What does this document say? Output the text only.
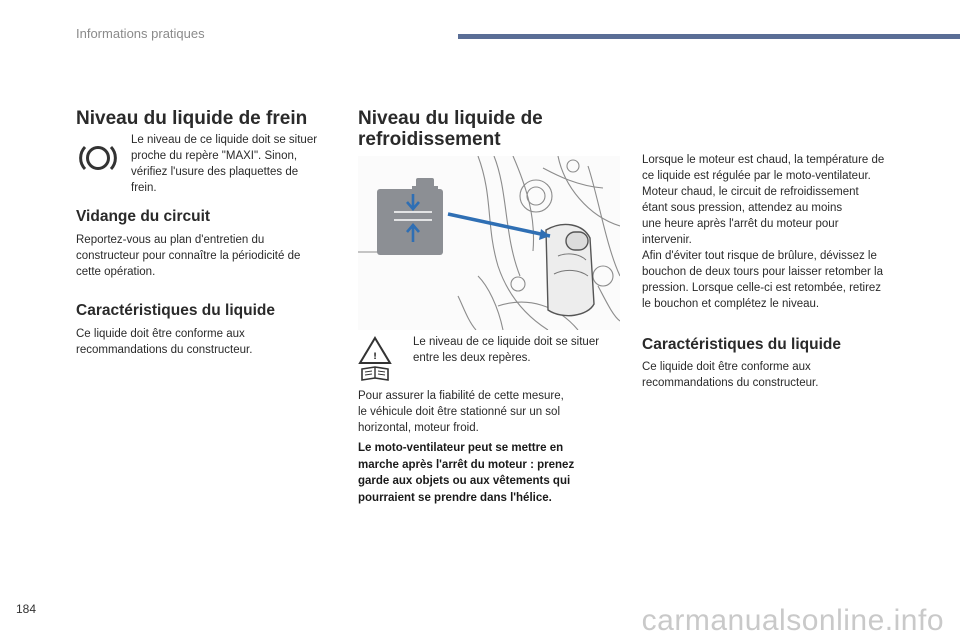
Informations pratiques
Niveau du liquide de frein

Le niveau de ce liquide doit se situer
proche du repère "MAXI". Sinon,
vérifiez l'usure des plaquettes de
frein.

Vidange du circuit

Reportez-vous au plan d'entretien du
constructeur pour connaître la périodicité de
cette opération.

Caractéristiques du liquide

Ce liquide doit être conforme aux
recommandations du constructeur.

Niveau du liquide de
refroidissement
!

Le niveau de ce liquide doit se situer
entre les deux repères.

Pour assurer la fiabilité de cette mesure,
le véhicule doit être stationné sur un sol
horizontal, moteur froid.

Le moto-ventilateur peut se mettre en
marche après l'arrêt du moteur : prenez
garde aux objets ou aux vêtements qui
pourraient se prendre dans l'hélice.

Lorsque le moteur est chaud, la température de
ce liquide est régulée par le moto-ventilateur.
Moteur chaud, le circuit de refroidissement
étant sous pression, attendez au moins
une heure après l'arrêt du moteur pour
intervenir.
Afin d'éviter tout risque de brûlure, dévissez le
bouchon de deux tours pour laisser retomber la
pression. Lorsque celle-ci est retombée, retirez
le bouchon et complétez le niveau.

Caractéristiques du liquide

Ce liquide doit être conforme aux
recommandations du constructeur.

184	carmanualsonline.info
